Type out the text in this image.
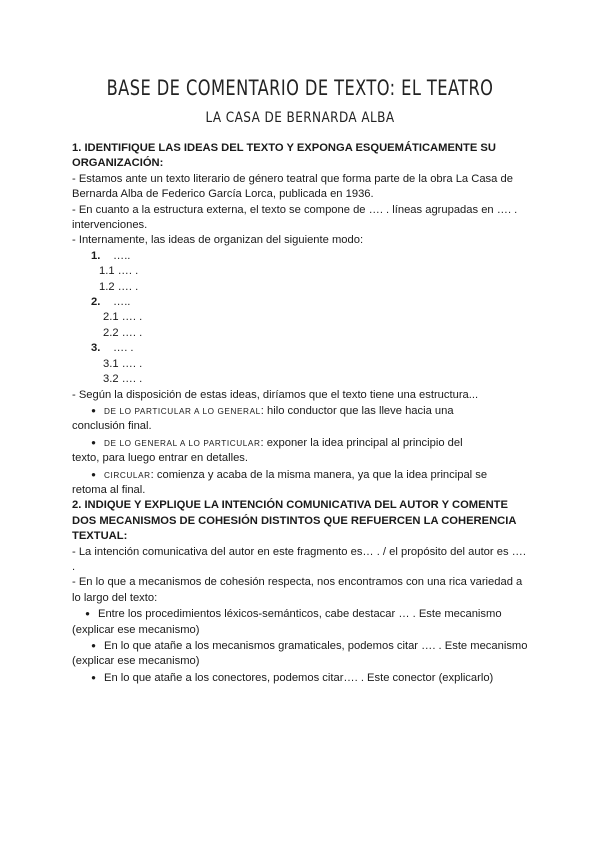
BASE DE COMENTARIO DE TEXTO: EL TEATRO
LA CASA DE BERNARDA ALBA
1. IDENTIFIQUE LAS IDEAS DEL TEXTO Y EXPONGA ESQUEMÁTICAMENTE SU
ORGANIZACIÓN:
- Estamos ante un texto literario de género teatral que forma parte de la obra La Casa de
Bernarda Alba de Federico García Lorca, publicada en 1936.
- En cuanto a la estructura externa, el texto se compone de …. . líneas agrupadas en …. .
intervenciones.
- Internamente, las ideas de organizan del siguiente modo:
1. …..
1.1 …. .
1.2 …. .
2. …..
2.1 …. .
2.2 …. .
3. …. .
3.1 …. .
3.2 …. .
- Según la disposición de estas ideas, diríamos que el texto tiene una estructura...
● DE LO PARTICULAR A LO GENERAL: hilo conductor que las lleve hacia una
conclusión final.
● DE LO GENERAL A LO PARTICULAR: exponer la idea principal al principio del
texto, para luego entrar en detalles.
● CIRCULAR: comienza y acaba de la misma manera, ya que la idea principal se
retoma al final.
2. INDIQUE Y EXPLIQUE LA INTENCIÓN COMUNICATIVA DEL AUTOR Y COMENTE
DOS MECANISMOS DE COHESIÓN DISTINTOS QUE REFUERCEN LA COHERENCIA
TEXTUAL:
- La intención comunicativa del autor en este fragmento es… . / el propósito del autor es …. .
- En lo que a mecanismos de cohesión respecta, nos encontramos con una rica variedad a
lo largo del texto:
● Entre los procedimientos léxicos-semánticos, cabe destacar … . Este mecanismo
(explicar ese mecanismo)
● En lo que atañe a los mecanismos gramaticales, podemos citar …. . Este mecanismo
(explicar ese mecanismo)
● En lo que atañe a los conectores, podemos citar…. . Este conector (explicarlo)
